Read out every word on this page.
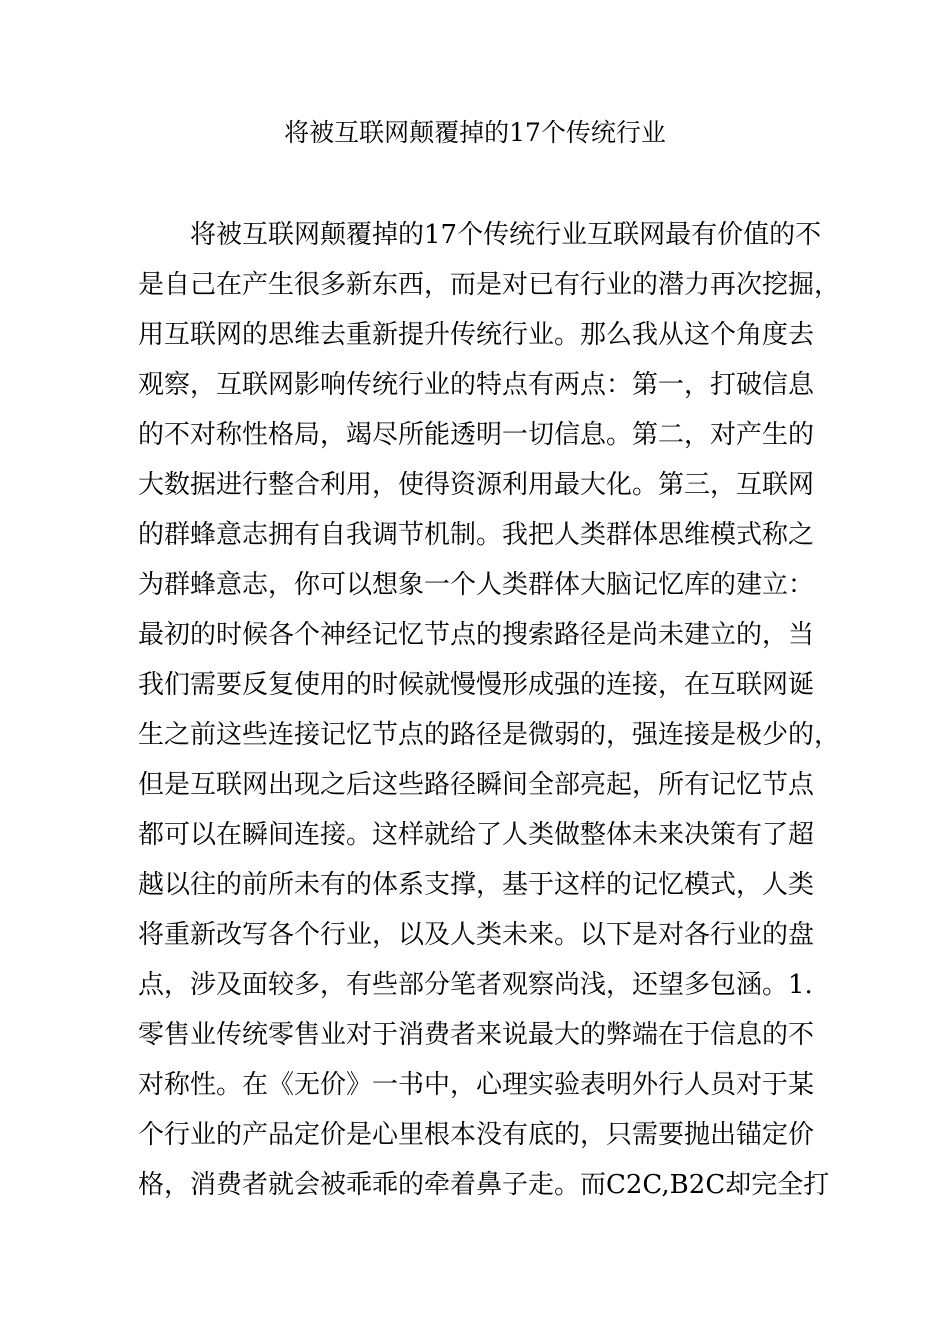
将被互联网颠覆掉的17个传统行业
将被互联网颠覆掉的17个传统行业互联网最有价值的不
是自己在产生很多新东西，而是对已有行业的潜力再次挖掘，
用互联网的思维去重新提升传统行业。那么我从这个角度去
观察，互联网影响传统行业的特点有两点：第一，打破信息
的不对称性格局，竭尽所能透明一切信息。第二，对产生的
大数据进行整合利用，使得资源利用最大化。第三，互联网
的群蜂意志拥有自我调节机制。我把人类群体思维模式称之
为群蜂意志，你可以想象一个人类群体大脑记忆库的建立：
最初的时候各个神经记忆节点的搜索路径是尚未建立的，当
我们需要反复使用的时候就慢慢形成强的连接，在互联网诞
生之前这些连接记忆节点的路径是微弱的，强连接是极少的，
但是互联网出现之后这些路径瞬间全部亮起，所有记忆节点
都可以在瞬间连接。这样就给了人类做整体未来决策有了超
越以往的前所未有的体系支撑，基于这样的记忆模式，人类
将重新改写各个行业，以及人类未来。以下是对各行业的盘
点，涉及面较多，有些部分笔者观察尚浅，还望多包涵。1.
零售业传统零售业对于消费者来说最大的弊端在于信息的不
对称性。在《无价》一书中，心理实验表明外行人员对于某
个行业的产品定价是心里根本没有底的，只需要抛出锚定价
格，消费者就会被乖乖的牵着鼻子走。而C2C,B2C却完全打
